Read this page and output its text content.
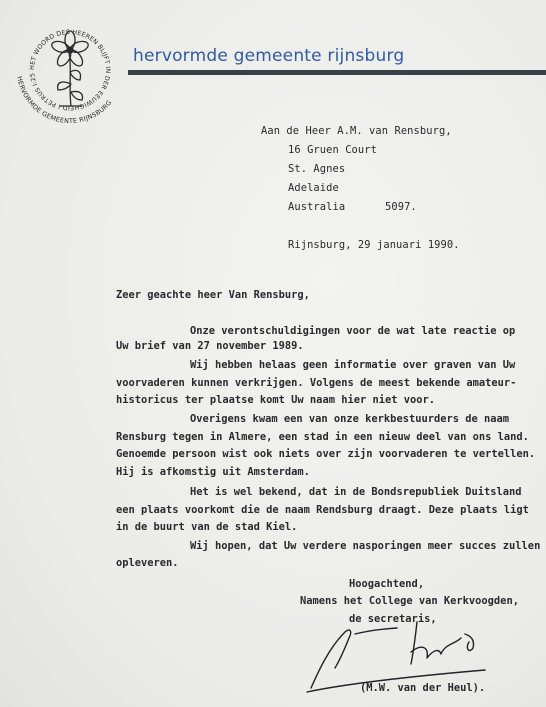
HET WOORD DES HEEREN BLIJFT IN DER EEUWIGHEID I PETRUS I:25
HERVORMDE GEMEENTE RIJNSBURG
hervormde gemeente rijnsburg
Aan de Heer A.M. van Rensburg,
16 Gruen Court
St. Agnes
Adelaide
Australia	5097.
Rijnsburg, 29 januari 1990.
Zeer geachte heer Van Rensburg,
Onze verontschuldigingen voor de wat late reactie op
Uw brief van 27 november 1989.
Wij hebben helaas geen informatie over graven van Uw
voorvaderen kunnen verkrijgen. Volgens de meest bekende amateur-
historicus ter plaatse komt Uw naam hier niet voor.
Overigens kwam een van onze kerkbestuurders de naam
Rensburg tegen in Almere, een stad in een nieuw deel van ons land.
Genoemde persoon wist ook niets over zijn voorvaderen te vertellen.
Hij is afkomstig uit Amsterdam.
Het is wel bekend, dat in de Bondsrepubliek Duitsland
een plaats voorkomt die de naam Rendsburg draagt. Deze plaats ligt
in de buurt van de stad Kiel.
Wij hopen, dat Uw verdere nasporingen meer succes zullen
opleveren.
Hoogachtend,
Namens het College van Kerkvoogden,
de secretaris,
(M.W. van der Heul).
